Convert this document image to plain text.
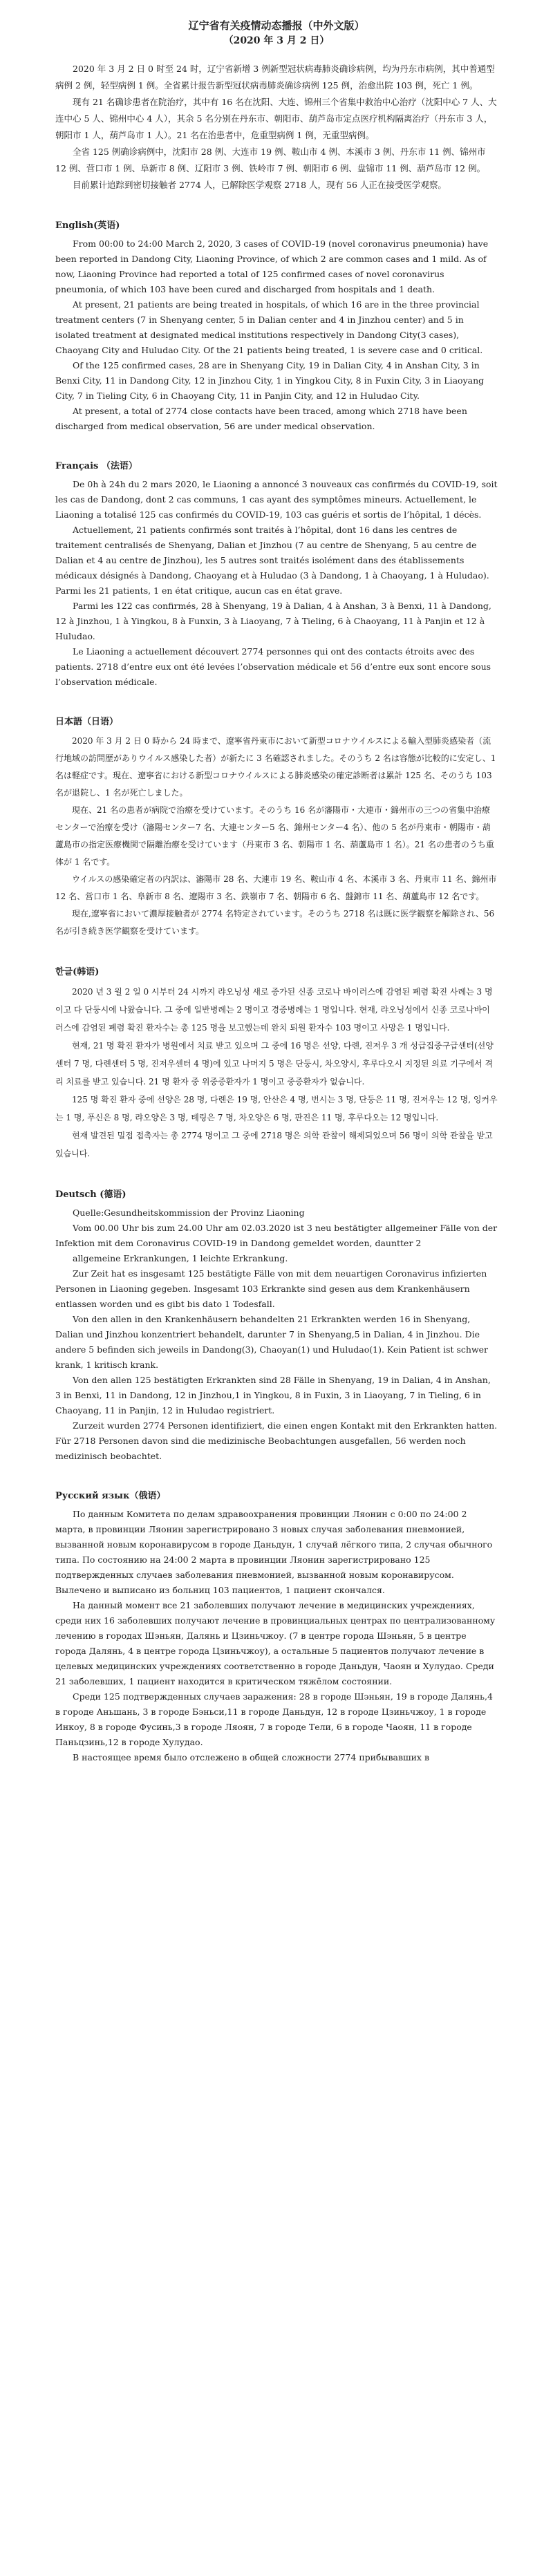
辽宁省有关疫情动态播报（中外文版）
（2020 年 3 月 2 日）

2020 年 3 月 2 日 0 时至 24 时，辽宁省新增 3 例新型冠状病毒肺炎确诊病例，均为丹东市病例，其中普通型病例 2 例，轻型病例 1 例。全省累计报告新型冠状病毒肺炎确诊病例 125 例，治愈出院 103 例，死亡 1 例。

现有 21 名确诊患者在院治疗，其中有 16 名在沈阳、大连、锦州三个省集中救治中心治疗（沈阳中心 7 人、大连中心 5 人、锦州中心 4 人），其余 5 名分别在丹东市、朝阳市、葫芦岛市定点医疗机构隔离治疗（丹东市 3 人，朝阳市 1 人，葫芦岛市 1 人）。21 名在治患者中，危重型病例 1 例，无重型病例。

全省 125 例确诊病例中，沈阳市 28 例、大连市 19 例、鞍山市 4 例、本溪市 3 例、丹东市 11 例、锦州市 12 例、营口市 1 例、阜新市 8 例、辽阳市 3 例、铁岭市 7 例、朝阳市 6 例、盘锦市 11 例、葫芦岛市 12 例。

目前累计追踪到密切接触者 2774 人，已解除医学观察 2718 人，现有 56 人正在接受医学观察。

English(英语)

From 00:00 to 24:00 March 2, 2020, 3 cases of COVID-19 (novel coronavirus pneumonia) have been reported in Dandong City, Liaoning Province, of which 2 are common cases and 1 mild. As of now, Liaoning Province had reported a total of 125 confirmed cases of novel coronavirus pneumonia, of which 103 have been cured and discharged from hospitals and 1 death.

At present, 21 patients are being treated in hospitals, of which 16 are in the three provincial treatment centers (7 in Shenyang center, 5 in Dalian center and 4 in Jinzhou center) and 5 in isolated treatment at designated medical institutions respectively in Dandong City(3 cases), Chaoyang City and Huludao City. Of the 21 patients being treated, 1 is severe case and 0 critical.

Of the 125 confirmed cases, 28 are in Shenyang City, 19 in Dalian City, 4 in Anshan City, 3 in Benxi City, 11 in Dandong City, 12 in Jinzhou City, 1 in Yingkou City, 8 in Fuxin City, 3 in Liaoyang City, 7 in Tieling City, 6 in Chaoyang City, 11 in Panjin City, and 12 in Huludao City.

At present, a total of 2774 close contacts have been traced, among which 2718 have been discharged from medical observation, 56 are under medical observation.

Français （法语）

De 0h à 24h du 2 mars 2020, le Liaoning a annoncé 3 nouveaux cas confirmés du COVID-19, soit les cas de Dandong, dont 2 cas communs, 1 cas ayant des symptômes mineurs. Actuellement, le Liaoning a totalisé 125 cas confirmés du COVID-19, 103 cas guéris et sortis de l’hôpital, 1 décès.

Actuellement, 21 patients confirmés sont traités à l’hôpital, dont 16 dans les centres de traitement centralisés de Shenyang, Dalian et Jinzhou (7 au centre de Shenyang, 5 au centre de Dalian et 4 au centre de Jinzhou), les 5 autres sont traités isolément dans des établissements médicaux désignés à Dandong, Chaoyang et à Huludao (3 à Dandong, 1 à Chaoyang, 1 à Huludao). Parmi les 21 patients, 1 en état critique, aucun cas en état grave.

Parmi les 122 cas confirmés, 28 à Shenyang, 19 à Dalian, 4 à Anshan, 3 à Benxi, 11 à Dandong, 12 à Jinzhou, 1 à Yingkou, 8 à Funxin, 3 à Liaoyang, 7 à Tieling, 6 à Chaoyang, 11 à Panjin et 12 à Huludao.

Le Liaoning a actuellement découvert 2774 personnes qui ont des contacts étroits avec des patients. 2718 d’entre eux ont été levées l’observation médicale et 56 d’entre eux sont encore sous l’observation médicale.

日本語（日语）

2020 年 3 月 2 日 0 時から 24 時まで、遼寧省丹東市において新型コロナウイルスによる輸入型肺炎感染者（流行地域の訪問歴がありウイルス感染した者）が新たに 3 名確認されました。そのうち 2 名は容態が比較的に安定し、1 名は軽症です。現在、遼寧省における新型コロナウイルスによる肺炎感染の確定診断者は累計 125 名、そのうち 103 名が退院し、1 名が死亡しました。

現在、21 名の患者が病院で治療を受けています。そのうち 16 名が瀋陽市・大連市・錦州市の三つの省集中治療センターで治療を受け（瀋陽センター7 名、大連センター5 名、錦州センター4 名）、他の 5 名が丹東市・朝陽市・葫蘆島市の指定医療機関で隔離治療を受けています（丹東市 3 名、朝陽市 1 名、葫蘆島市 1 名）。21 名の患者のうち重体が 1 名です。

ウイルスの感染確定者の内訳は、瀋陽市 28 名、大連市 19 名、鞍山市 4 名、本溪市 3 名、丹東市 11 名、錦州市 12 名、営口市 1 名、阜新市 8 名、遼陽市 3 名、鉄嶺市 7 名、朝陽市 6 名、盤錦市 11 名、葫蘆島市 12 名です。

現在,遼寧省において濃厚接触者が 2774 名特定されています。そのうち 2718 名は既に医学観察を解除され、56 名が引き続き医学観察を受けています。

한글(韩语)

2020 년 3 월 2 일 0 시부터 24 시까지 랴오닝성 새로 증가된 신종 코로나 바이러스에 감염된 폐렴 확진 사례는 3 명이고 다 단둥시에 나왔습니다. 그 중에 일반병례는 2 명이고 경증병례는 1 명입니다. 현재, 랴오닝성에서 신종 코로나바이러스에 감염된 폐렴 확진 환자수는 총 125 명을 보고했는데 완치 퇴원 환자수 103 명이고 사망은 1 명입니다.

현재, 21 명 확진 환자가 병원에서 치료 받고 있으며 그 중에 16 명은 선양, 다롄, 진저우 3 개 성급집중구급센터(선양센터 7 명, 다롄센터 5 명, 진저우센터 4 명)에 있고 나머지 5 명은 단둥시, 차오양시, 후루다오시 지정된 의료 기구에서 격리 치료를 받고 있습니다. 21 명 환자 중 위중증환자가 1 명이고 중증환자가 없습니다.

125 명 확진 환자 중에 선양은 28 명, 다롄은 19 명, 안산은 4 명, 번시는 3 명, 단둥은 11 명, 진저우는 12 명, 잉커우는 1 명, 푸신은 8 명, 랴오양은 3 명, 톄링은 7 명, 차오양은 6 명, 판진은 11 명, 후루다오는 12 명입니다.

현재 발견된 밀접 접촉자는 총 2774 명이고 그 중에 2718 명은 의학 관찰이 해제되었으며 56 명이 의학 관찰을 받고 있습니다.

Deutsch (德语)

Quelle:Gesundheitskommission der Provinz Liaoning

Vom 00.00 Uhr bis zum 24.00 Uhr am 02.03.2020 ist 3 neu bestätigter allgemeiner Fälle von der Infektion mit dem Coronavirus COVID-19 in Dandong gemeldet worden, dauntter 2

allgemeine Erkrankungen, 1 leichte Erkrankung.

Zur Zeit hat es insgesamt 125 bestätigte Fälle von mit dem neuartigen Coronavirus infizierten Personen in Liaoning gegeben. Insgesamt 103 Erkrankte sind gesen aus dem Krankenhäusern entlassen worden und es gibt bis dato 1 Todesfall.

Von den allen in den Krankenhäusern behandelten 21 Erkrankten werden 16 in Shenyang, Dalian und Jinzhou konzentriert behandelt, darunter 7 in Shenyang,5 in Dalian, 4 in Jinzhou. Die andere 5 befinden sich jeweils in Dandong(3), Chaoyan(1) und Huludao(1). Kein Patient ist schwer krank, 1 kritisch krank.

Von den allen 125 bestätigten Erkrankten sind 28 Fälle in Shenyang, 19 in Dalian, 4 in Anshan, 3 in Benxi, 11 in Dandong, 12 in Jinzhou,1 in Yingkou, 8 in Fuxin, 3 in Liaoyang, 7 in Tieling, 6 in Chaoyang, 11 in Panjin, 12 in Huludao registriert.

Zurzeit wurden 2774 Personen identifiziert, die einen engen Kontakt mit den Erkrankten hatten. Für 2718 Personen davon sind die medizinische Beobachtungen ausgefallen, 56 werden noch medizinisch beobachtet.

Русский язык（俄语）

По данным Комитета по делам здравоохранения провинции Ляонин с 0:00 по 24:00 2 марта, в провинции Ляонин зарегистрировано 3 новых случая заболевания пневмонией, вызванной новым коронавирусом в городе Даньдун, 1 случай лёгкого типа, 2 случая обычного типа. По состоянию на 24:00 2 марта в провинции Ляонин зарегистрировано 125 подтвержденных случаев заболевания пневмонией, вызванной новым коронавирусом. Вылечено и выписано из больниц 103 пациентов, 1 пациент скончался.

На данный момент все 21 заболевших получают лечение в медицинских учреждениях, среди них 16 заболевших получают лечение в провинциальных центрах по централизованному лечению в городах Шэньян, Далянь и Цзиньчжоу. (7 в центре города Шэньян, 5 в центре города Далянь, 4 в центре города Цзиньчжоу), а остальные 5 пациентов получают лечение в целевых медицинских учреждениях соответственно в городе Даньдун, Чаоян и Хулудао. Среди 21 заболевших, 1 пациент находится в критическом тяжёлом состоянии.

Среди 125 подтвержденных случаев заражения: 28 в городе Шэньян, 19 в городе Далянь,4 в городе Аньшань, 3 в городе Бэньси,11 в городе Даньдун, 12 в городе Цзиньчжоу, 1 в городе Инкоу, 8 в городе Фусинь,3 в городе Ляоян, 7 в городе Тели, 6 в городе Чаоян, 11 в городе Паньцзинь,12 в городе Хулудао.

В настоящее время было отслежено в общей сложности 2774 прибывавших в
